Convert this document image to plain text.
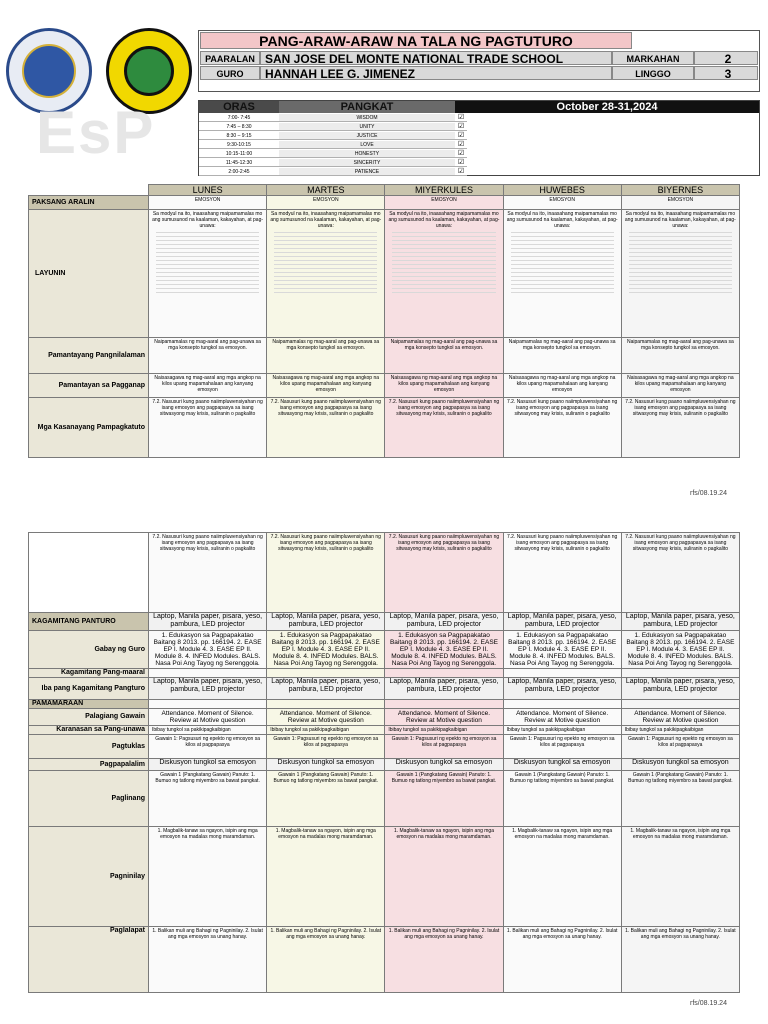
PANG-ARAW-ARAW NA TALA NG PAGTUTURO
PAARALAN SAN JOSE DEL MONTE NATIONAL TRADE SCHOOL	MARKAHAN	2
GURO	HANNAH LEE G. JIMENEZ	LINGGO	3
EsP	ORAS	PANGKAT	October 28-31,2024
7:00- 7:45	WISDOM	☑
7:45 – 8:30	UNITY	☑
8:30 – 9:15	JUSTICE	☑
9:30-10:15	LOVE	☑
10:15-11:00	HONESTY	☑
11:45-12:30	SINCERITY	☑
2:00-2:45	PATIENCE	☑
	LUNES	MARTES	MIYERKULES	HUWEBES	BIYERNES
PAKSANG ARALIN	EMOSYON	EMOSYON	EMOSYON	EMOSYON	EMOSYON
LAYUNIN	Sa modyul na ito, inaasahang maipamamalas mo ang sumusunod na kaalaman, kakayahan, at pag-unawa:	Sa modyul na ito, inaasahang maipamamalas mo ang sumusunod na kaalaman, kakayahan, at pag-unawa:	Sa modyul na ito, inaasahang maipamamalas mo ang sumusunod na kaalaman, kakayahan, at pag-unawa:	Sa modyul na ito, inaasahang maipamamalas mo ang sumusunod na kaalaman, kakayahan, at pag-unawa:	Sa modyul na ito, inaasahang maipamamalas mo ang sumusunod na kaalaman, kakayahan, at pag-unawa:

Pamantayang Pangnilalaman	Naipamamalas ng mag-aaral ang pag-unawa sa mga konsepto tungkol sa emosyon.	Naipamamalas ng mag-aaral ang pag-unawa sa mga konsepto tungkol sa emosyon.	Naipamamalas ng mag-aaral ang pag-unawa sa mga konsepto tungkol sa emosyon.	Naipamamalas ng mag-aaral ang pag-unawa sa mga konsepto tungkol sa emosyon.	Naipamamalas ng mag-aaral ang pag-unawa sa mga konsepto tungkol sa emosyon.
Pamantayan sa Pagganap	Naisasagawa ng mag-aaral ang mga angkop na kilos upang mapamahalaan ang kanyang emosyon	Naisasagawa ng mag-aaral ang mga angkop na kilos upang mapamahalaan ang kanyang emosyon	Naisasagawa ng mag-aaral ang mga angkop na kilos upang mapamahalaan ang kanyang emosyon	Naisasagawa ng mag-aaral ang mga angkop na kilos upang mapamahalaan ang kanyang emosyon	Naisasagawa ng mag-aaral ang mga angkop na kilos upang mapamahalaan ang kanyang emosyon
Mga Kasanayang Pampagkatuto	7.2. Nasusuri kung paano naiimpluwensiyahan ng isang emosyon ang pagpapasya sa isang sitwasyong may krisis, suliranin o pagkalito	7.2. Nasusuri kung paano naiimpluwensiyahan ng isang emosyon ang pagpapasya sa isang sitwasyong may krisis, suliranin o pagkalito	7.2. Nasusuri kung paano naiimpluwensiyahan ng isang emosyon ang pagpapasya sa isang sitwasyong may krisis, suliranin o pagkalito	7.2. Nasusuri kung paano naiimpluwensiyahan ng isang emosyon ang pagpapasya sa isang sitwasyong may krisis, suliranin o pagkalito	7.2. Nasusuri kung paano naiimpluwensiyahan ng isang emosyon ang pagpapasya sa isang sitwasyong may krisis, suliranin o pagkalito
rfs/08.19.24
	7.2. Nasusuri kung paano naiimpluwensiyahan ng isang emosyon ang pagpapasya sa isang sitwasyong may krisis, suliranin o pagkalito	7.2. Nasusuri kung paano naiimpluwensiyahan ng isang emosyon ang pagpapasya sa isang sitwasyong may krisis, suliranin o pagkalito	7.2. Nasusuri kung paano naiimpluwensiyahan ng isang emosyon ang pagpapasya sa isang sitwasyong may krisis, suliranin o pagkalito	7.2. Nasusuri kung paano naiimpluwensiyahan ng isang emosyon ang pagpapasya sa isang sitwasyong may krisis, suliranin o pagkalito	7.2. Nasusuri kung paano naiimpluwensiyahan ng isang emosyon ang pagpapasya sa isang sitwasyong may krisis, suliranin o pagkalito
KAGAMITANG PANTURO	Laptop, Manila paper, pisara, yeso, pambura, LED projector	Laptop, Manila paper, pisara, yeso, pambura, LED projector	Laptop, Manila paper, pisara, yeso, pambura, LED projector	Laptop, Manila paper, pisara, yeso, pambura, LED projector	Laptop, Manila paper, pisara, yeso, pambura, LED projector
Gabay ng Guro	1. Edukasyon sa Pagpapakatao Baitang 8 2013. pp. 166194. 2. EASE EP I. Module 4. 3. EASE EP II. Module 8. 4. INFED Modules. BALS. Nasa Poi Ang Tayog ng Serenggola.	1. Edukasyon sa Pagpapakatao Baitang 8 2013. pp. 166194. 2. EASE EP I. Module 4. 3. EASE EP II. Module 8. 4. INFED Modules. BALS. Nasa Poi Ang Tayog ng Serenggola.	1. Edukasyon sa Pagpapakatao Baitang 8 2013. pp. 166194. 2. EASE EP I. Module 4. 3. EASE EP II. Module 8. 4. INFED Modules. BALS. Nasa Poi Ang Tayog ng Serenggola.	1. Edukasyon sa Pagpapakatao Baitang 8 2013. pp. 166194. 2. EASE EP I. Module 4. 3. EASE EP II. Module 8. 4. INFED Modules. BALS. Nasa Poi Ang Tayog ng Serenggola.	1. Edukasyon sa Pagpapakatao Baitang 8 2013. pp. 166194. 2. EASE EP I. Module 4. 3. EASE EP II. Module 8. 4. INFED Modules. BALS. Nasa Poi Ang Tayog ng Serenggola.
Kagamitang Pang-maaral					
Iba pang Kagamitang Pangturo	Laptop, Manila paper, pisara, yeso, pambura, LED projector	Laptop, Manila paper, pisara, yeso, pambura, LED projector	Laptop, Manila paper, pisara, yeso, pambura, LED projector	Laptop, Manila paper, pisara, yeso, pambura, LED projector	Laptop, Manila paper, pisara, yeso, pambura, LED projector
PAMAMARAAN					
Palagiang Gawain	Attendance. Moment of Silence. Review at Motive question	Attendance. Moment of Silence. Review at Motive question	Attendance. Moment of Silence. Review at Motive question	Attendance. Moment of Silence. Review at Motive question	Attendance. Moment of Silence. Review at Motive question
Karanasan sa Pang-unawa	Ibibay tungkol sa pakikipagkaibigan	Ibibay tungkol sa pakikipagkaibigan	Ibibay tungkol sa pakikipagkaibigan	Ibibay tungkol sa pakikipagkaibigan	Ibibay tungkol sa pakikipagkaibigan
Pagtuklas	Gawain 1: Pagsusuri ng epekto ng emosyon sa kilos at pagpapasya	Gawain 1: Pagsusuri ng epekto ng emosyon sa kilos at pagpapasya	Gawain 1: Pagsusuri ng epekto ng emosyon sa kilos at pagpapasya	Gawain 1: Pagsusuri ng epekto ng emosyon sa kilos at pagpapasya	Gawain 1: Pagsusuri ng epekto ng emosyon sa kilos at pagpapasya
Pagpapalalim	Diskusyon tungkol sa emosyon	Diskusyon tungkol sa emosyon	Diskusyon tungkol sa emosyon	Diskusyon tungkol sa emosyon	Diskusyon tungkol sa emosyon
Paglinang	Gawain 1 (Pangkatang Gawain) Panuto: 1. Bumuo ng tatlong miyembro sa bawat pangkat.	Gawain 1 (Pangkatang Gawain) Panuto: 1. Bumuo ng tatlong miyembro sa bawat pangkat.	Gawain 1 (Pangkatang Gawain) Panuto: 1. Bumuo ng tatlong miyembro sa bawat pangkat.	Gawain 1 (Pangkatang Gawain) Panuto: 1. Bumuo ng tatlong miyembro sa bawat pangkat.	Gawain 1 (Pangkatang Gawain) Panuto: 1. Bumuo ng tatlong miyembro sa bawat pangkat.
Pagninilay	1. Magbalik-tanaw sa ngayon, isipin ang mga emosyon na madalas mong maramdaman.	1. Magbalik-tanaw sa ngayon, isipin ang mga emosyon na madalas mong maramdaman.	1. Magbalik-tanaw sa ngayon, isipin ang mga emosyon na madalas mong maramdaman.	1. Magbalik-tanaw sa ngayon, isipin ang mga emosyon na madalas mong maramdaman.	1. Magbalik-tanaw sa ngayon, isipin ang mga emosyon na madalas mong maramdaman.
Paglalapat	1. Balikan muli ang Bahagi ng Pagninilay. 2. Isulat ang mga emosyon sa unang hanay.	1. Balikan muli ang Bahagi ng Pagninilay. 2. Isulat ang mga emosyon sa unang hanay.	1. Balikan muli ang Bahagi ng Pagninilay. 2. Isulat ang mga emosyon sa unang hanay.	1. Balikan muli ang Bahagi ng Pagninilay. 2. Isulat ang mga emosyon sa unang hanay.	1. Balikan muli ang Bahagi ng Pagninilay. 2. Isulat ang mga emosyon sa unang hanay.
rfs/08.19.24
